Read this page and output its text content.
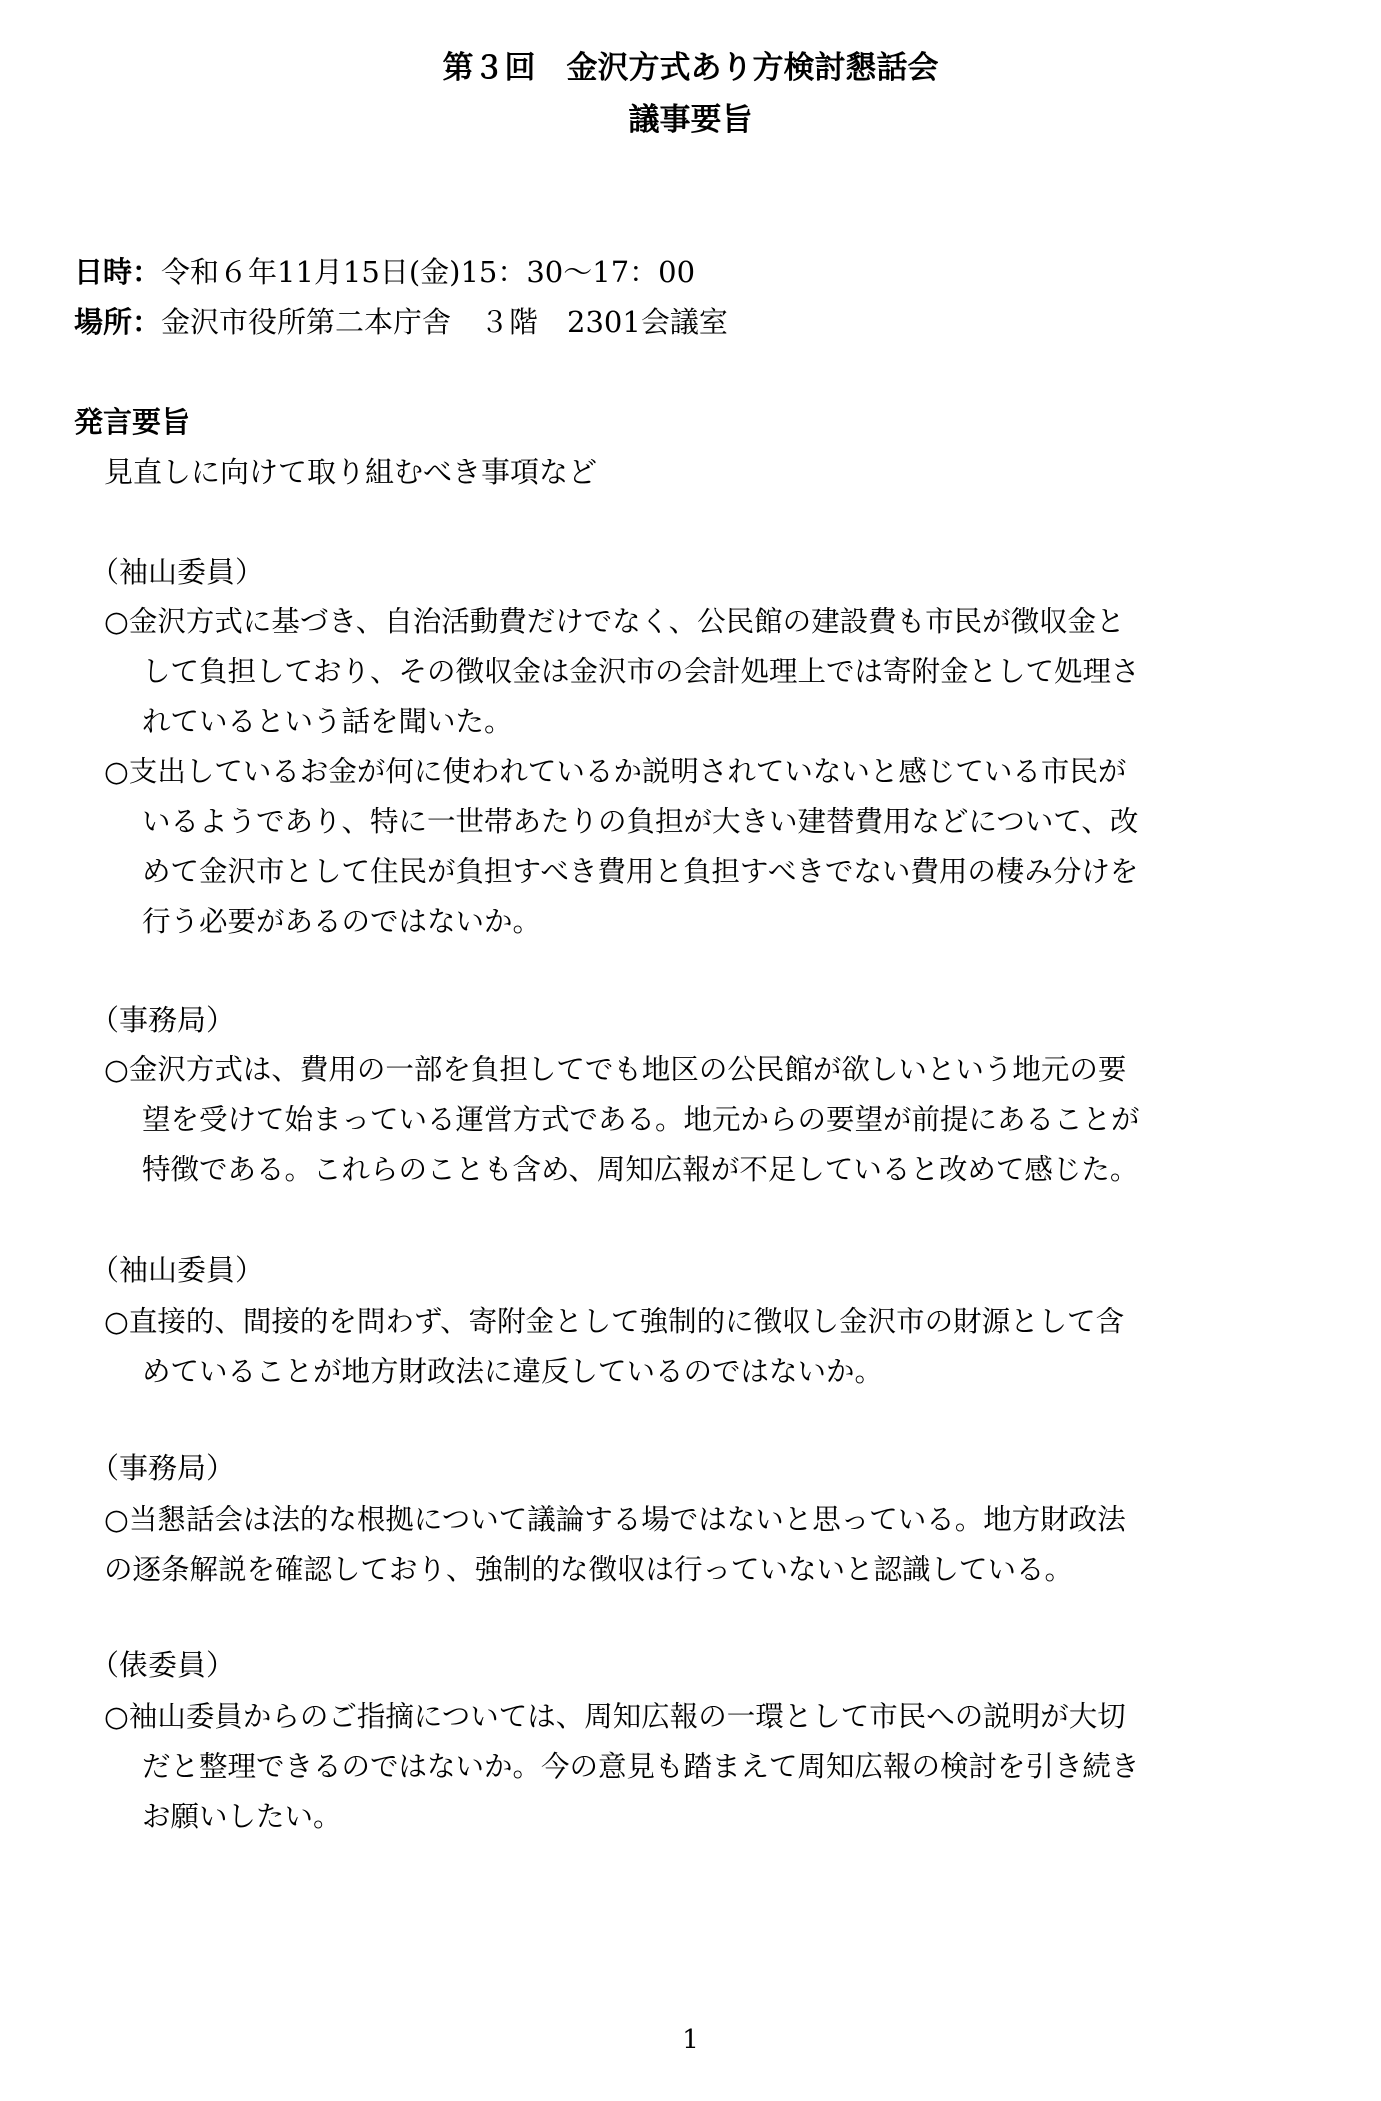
第３回　金沢方式あり方検討懇話会
議事要旨
日時：令和６年11月15日(金)15：30～17：00
場所：金沢市役所第二本庁舎　３階　2301会議室
発言要旨
見直しに向けて取り組むべき事項など
（袖山委員）
○金沢方式に基づき、自治活動費だけでなく、公民館の建設費も市民が徴収金と
して負担しており、その徴収金は金沢市の会計処理上では寄附金として処理さ
れているという話を聞いた。
○支出しているお金が何に使われているか説明されていないと感じている市民が
いるようであり、特に一世帯あたりの負担が大きい建替費用などについて、改
めて金沢市として住民が負担すべき費用と負担すべきでない費用の棲み分けを
行う必要があるのではないか。
（事務局）
○金沢方式は、費用の一部を負担してでも地区の公民館が欲しいという地元の要
望を受けて始まっている運営方式である。地元からの要望が前提にあることが
特徴である。これらのことも含め、周知広報が不足していると改めて感じた。
（袖山委員）
○直接的、間接的を問わず、寄附金として強制的に徴収し金沢市の財源として含
めていることが地方財政法に違反しているのではないか。
（事務局）
○当懇話会は法的な根拠について議論する場ではないと思っている。地方財政法
の逐条解説を確認しており、強制的な徴収は行っていないと認識している。
（俵委員）
○袖山委員からのご指摘については、周知広報の一環として市民への説明が大切
だと整理できるのではないか。今の意見も踏まえて周知広報の検討を引き続き
お願いしたい。
1
